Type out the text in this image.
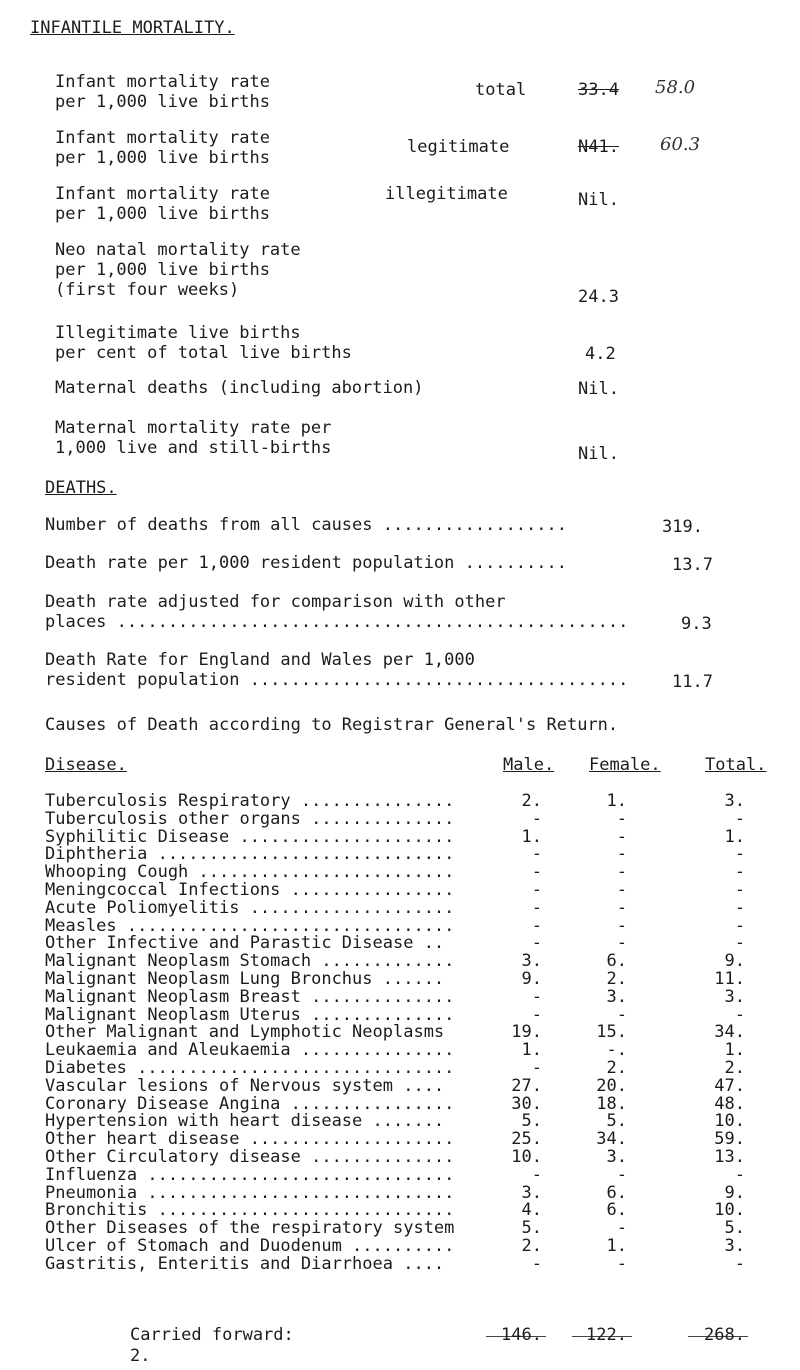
INFANTILE MORTALITY.
Infant mortality rate
per 1,000 live births
total	33.4 58.0
Infant mortality rate
per 1,000 live births
legitimate	N41. 60.3
Infant mortality rate
per 1,000 live births
illegitimate	Nil.
Neo natal mortality rate
per 1,000 live births
(first four weeks)	24.3
Illegitimate live births
per cent of total live births	4.2
Maternal deaths (including abortion)	Nil.
Maternal mortality rate per
1,000 live and still-births	Nil.
DEATHS.
Number of deaths from all causes ..................	319.
Death rate per 1,000 resident population ..........	13.7
Death rate adjusted for comparison with other
places ..................................................	9.3
Death Rate for England and Wales per 1,000
resident population .....................................	11.7
Causes of Death according to Registrar General's Return.
Disease.	Male. Female.	Total.
Tuberculosis Respiratory ...............	2.	1.	3.
Tuberculosis other organs ..............	-	-	-
Syphilitic Disease .....................	1.	-	1.
Diphtheria .............................	-	-	-
Whooping Cough .........................	-	-	-
Meningcoccal Infections ................	-	-	-
Acute Poliomyelitis ....................	-	-	-
Measles ................................	-	-	-
Other Infective and Parastic Disease ..	-	-	-
Malignant Neoplasm Stomach .............	3.	6.	9.
Malignant Neoplasm Lung Bronchus ......	9.	2.	11.
Malignant Neoplasm Breast ..............	-	3.	3.
Malignant Neoplasm Uterus ..............	-	-	-
Other Malignant and Lymphotic Neoplasms	19.	15.	34.
Leukaemia and Aleukaemia ...............	1.	-.	1.
Diabetes ...............................	-	2.	2.
Vascular lesions of Nervous system ....	27.	20.	47.
Coronary Disease Angina ................	30.	18.	48.
Hypertension with heart disease .......	5.	5.	10.
Other heart disease ....................	25.	34.	59.
Other Circulatory disease ..............	10.	3.	13.
Influenza ..............................	-	-	-
Pneumonia ..............................	3.	6.	9.
Bronchitis .............................	4.	6.	10.
Other Diseases of the respiratory system	5.	-	5.
Ulcer of Stomach and Duodenum ..........	2.	1.	3.
Gastritis, Enteritis and Diarrhoea ....	-	-	-
Carried forward:	146.	122.	268.
2.
